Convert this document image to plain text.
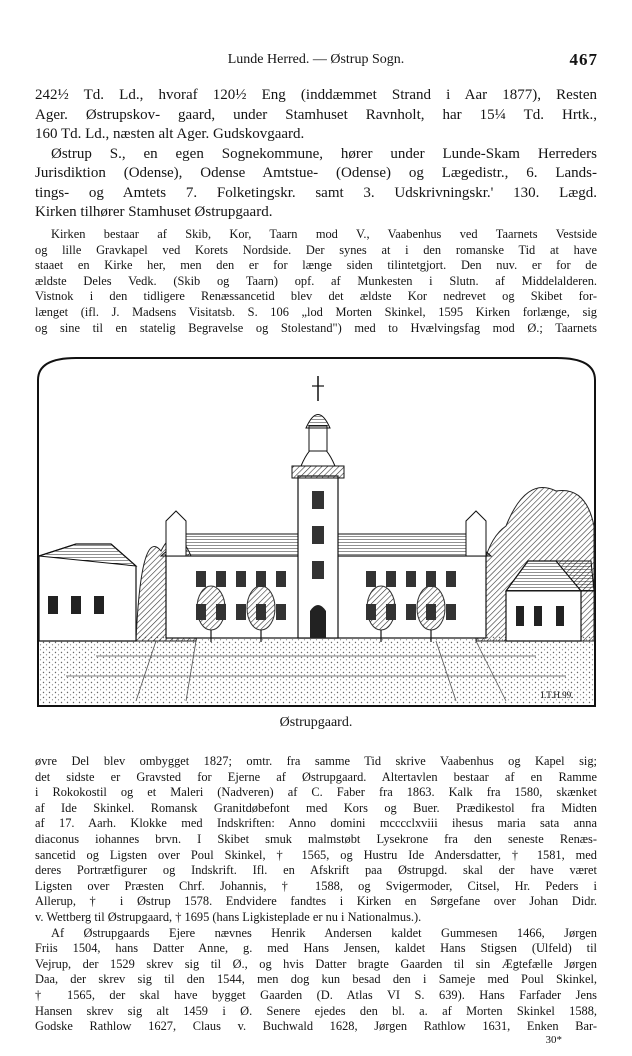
Lunde Herred. — Østrup Sogn.	467
242½ Td. Ld., hvoraf 120½ Eng (inddæmmet Strand i Aar 1877), Resten
Ager. Østrupskov- gaard, under Stamhuset Ravnholt, har 15¼ Td. Hrtk.,
160 Td. Ld., næsten alt Ager. Gudskovgaard.
Østrup S., en egen Sognekommune, hører under Lunde-Skam Herreders
Jurisdiktion (Odense), Odense Amtstue- (Odense) og Lægedistr., 6. Lands-
tings- og Amtets 7. Folketingskr. samt 3. Udskrivningskr.' 130. Lægd.
Kirken tilhører Stamhuset Østrupgaard.
Kirken bestaar af Skib, Kor, Taarn mod V., Vaabenhus ved Taarnets Vestside
og lille Gravkapel ved Korets Nordside. Der synes at i den romanske Tid at have
staaet en Kirke her, men den er for længe siden tilintetgjort. Den nuv. er for de
ældste Deles Vedk. (Skib og Taarn) opf. af Munkesten i Slutn. af Middelalderen.
Vistnok i den tidligere Renæssancetid blev det ældste Kor nedrevet og Skibet for-
længet (ifl. J. Madsens Visitatsb. S. 106 „lod Morten Skinkel, 1595 Kirken forlænge, sig
og sine til en statelig Begravelse og Stolestand") med to Hvælvingsfag mod Ø.; Taarnets
I.T.H.99.
Østrupgaard.
øvre Del blev ombygget 1827; omtr. fra samme Tid skrive Vaabenhus og Kapel sig;
det sidste er Gravsted for Ejerne af Østrupgaard. Altertavlen bestaar af en Ramme
i Rokokostil og et Maleri (Nadveren) af C. Faber fra 1863. Kalk fra 1580, skænket
af Ide Skinkel. Romansk Granitdøbefont med Kors og Buer. Prædikestol fra Midten
af 17. Aarh. Klokke med Indskriften: Anno domini mcccclxviii ihesus maria sata anna
diaconus iohannes brvn. I Skibet smuk malmstøbt Lysekrone fra den seneste Renæs-
sancetid og Ligsten over Poul Skinkel, † 1565, og Hustru Ide Andersdatter, † 1581, med
deres Portrætfigurer og Indskrift. Ifl. en Afskrift paa Østrupgd. skal der have været
Ligsten over Præsten Chrf. Johannis, † 1588, og Svigermoder, Citsel, Hr. Peders i
Allerup, † i Østrup 1578. Endvidere fandtes i Kirken en Sørgefane over Johan Didr.
v. Wettberg til Østrupgaard, † 1695 (hans Ligkisteplade er nu i Nationalmus.).
Af Østrupgaards Ejere nævnes Henrik Andersen kaldet Gummesen 1466, Jørgen
Friis 1504, hans Datter Anne, g. med Hans Jensen, kaldet Hans Stigsen (Ulfeld) til
Vejrup, der 1529 skrev sig til Ø., og hvis Datter bragte Gaarden til sin Ægtefælle Jørgen
Daa, der skrev sig til den 1544, men dog kun besad den i Sameje med Poul Skinkel,
† 1565, der skal have bygget Gaarden (D. Atlas VI S. 639). Hans Farfader Jens
Hansen skrev sig alt 1459 i Ø. Senere ejedes den bl. a. af Morten Skinkel 1588,
Godske Rathlow 1627, Claus v. Buchwald 1628, Jørgen Rathlow 1631, Enken Bar-
30*
